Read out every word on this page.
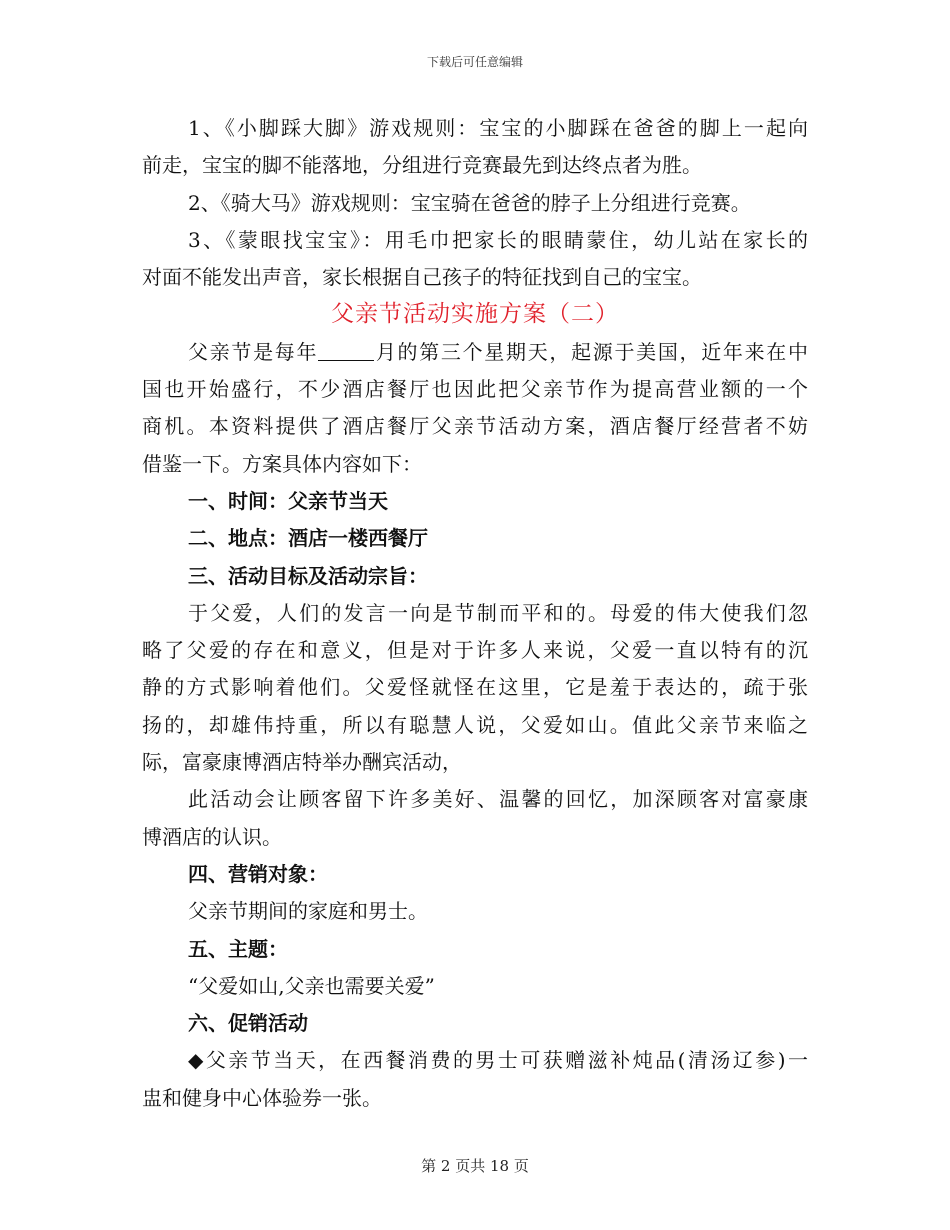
下载后可任意编辑
1、《小脚踩大脚》游戏规则：宝宝的小脚踩在爸爸的脚上一起向
前走，宝宝的脚不能落地，分组进行竞赛最先到达终点者为胜。
2、《骑大马》游戏规则：宝宝骑在爸爸的脖子上分组进行竞赛。
3、《蒙眼找宝宝》：用毛巾把家长的眼睛蒙住，幼儿站在家长的
对面不能发出声音，家长根据自己孩子的特征找到自己的宝宝。
父亲节活动实施方案（二）
父亲节是每年	月的第三个星期天，起源于美国，近年来在中
国也开始盛行，不少酒店餐厅也因此把父亲节作为提高营业额的一个
商机。本资料提供了酒店餐厅父亲节活动方案，酒店餐厅经营者不妨
借鉴一下。方案具体内容如下：
一、时间：父亲节当天
二、地点：酒店一楼西餐厅
三、活动目标及活动宗旨：
于父爱，人们的发言一向是节制而平和的。母爱的伟大使我们忽
略了父爱的存在和意义，但是对于许多人来说，父爱一直以特有的沉
静的方式影响着他们。父爱怪就怪在这里，它是羞于表达的，疏于张
扬的，却雄伟持重，所以有聪慧人说，父爱如山。值此父亲节来临之
际，富豪康博酒店特举办酬宾活动，
此活动会让顾客留下许多美好、温馨的回忆，加深顾客对富豪康
博酒店的认识。
四、营销对象：
父亲节期间的家庭和男士。
五、主题：
“父爱如山,父亲也需要关爱”
六、促销活动
◆父亲节当天，在西餐消费的男士可获赠滋补炖品(清汤辽参)一
盅和健身中心体验券一张。
第 2 页共 18 页
